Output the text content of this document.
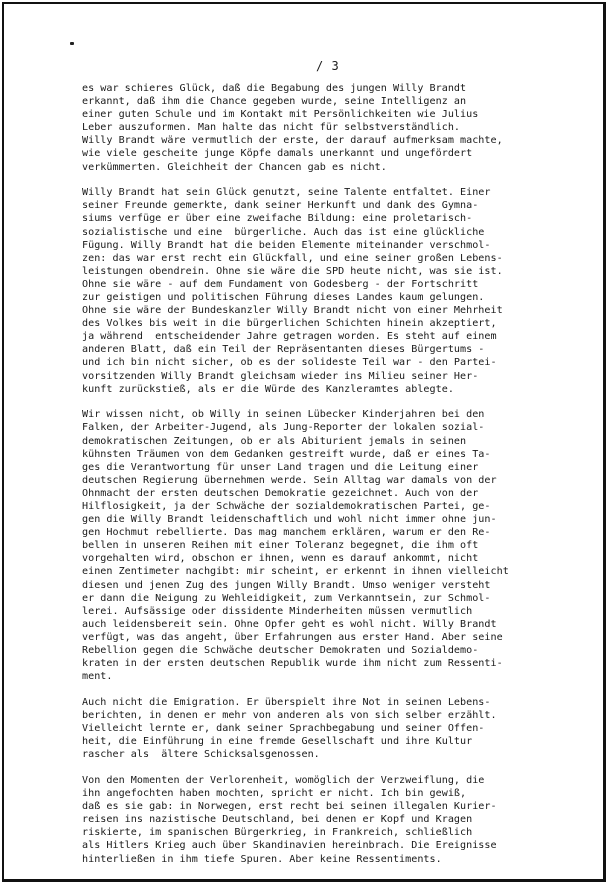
/ 3

es war schieres Glück, daß die Begabung des jungen Willy Brandt
erkannt, daß ihm die Chance gegeben wurde, seine Intelligenz an
einer guten Schule und im Kontakt mit Persönlichkeiten wie Julius
Leber auszuformen. Man halte das nicht für selbstverständlich.
Willy Brandt wäre vermutlich der erste, der darauf aufmerksam machte,
wie viele gescheite junge Köpfe damals unerkannt und ungefördert
verkümmerten. Gleichheit der Chancen gab es nicht.

Willy Brandt hat sein Glück genutzt, seine Talente entfaltet. Einer
seiner Freunde gemerkte, dank seiner Herkunft und dank des Gymna-
siums verfüge er über eine zweifache Bildung: eine proletarisch-
sozialistische und eine  bürgerliche. Auch das ist eine glückliche
Fügung. Willy Brandt hat die beiden Elemente miteinander verschmol-
zen: das war erst recht ein Glückfall, und eine seiner großen Lebens-
leistungen obendrein. Ohne sie wäre die SPD heute nicht, was sie ist.
Ohne sie wäre - auf dem Fundament von Godesberg - der Fortschritt
zur geistigen und politischen Führung dieses Landes kaum gelungen.
Ohne sie wäre der Bundeskanzler Willy Brandt nicht von einer Mehrheit
des Volkes bis weit in die bürgerlichen Schichten hinein akzeptiert,
ja während  entscheidender Jahre getragen worden. Es steht auf einem
anderen Blatt, daß ein Teil der Repräsentanten dieses Bürgertums -
und ich bin nicht sicher, ob es der solideste Teil war - den Partei-
vorsitzenden Willy Brandt gleichsam wieder ins Milieu seiner Her-
kunft zurückstieß, als er die Würde des Kanzleramtes ablegte.

Wir wissen nicht, ob Willy in seinen Lübecker Kinderjahren bei den
Falken, der Arbeiter-Jugend, als Jung-Reporter der lokalen sozial-
demokratischen Zeitungen, ob er als Abiturient jemals in seinen
kühnsten Träumen von dem Gedanken gestreift wurde, daß er eines Ta-
ges die Verantwortung für unser Land tragen und die Leitung einer
deutschen Regierung übernehmen werde. Sein Alltag war damals von der
Ohnmacht der ersten deutschen Demokratie gezeichnet. Auch von der
Hilflosigkeit, ja der Schwäche der sozialdemokratischen Partei, ge-
gen die Willy Brandt leidenschaftlich und wohl nicht immer ohne jun-
gen Hochmut rebellierte. Das mag manchem erklären, warum er den Re-
bellen in unseren Reihen mit einer Toleranz begegnet, die ihm oft
vorgehalten wird, obschon er ihnen, wenn es darauf ankommt, nicht
einen Zentimeter nachgibt: mir scheint, er erkennt in ihnen vielleicht
diesen und jenen Zug des jungen Willy Brandt. Umso weniger versteht
er dann die Neigung zu Wehleidigkeit, zum Verkanntsein, zur Schmol-
lerei. Aufsässige oder dissidente Minderheiten müssen vermutlich
auch leidensbereit sein. Ohne Opfer geht es wohl nicht. Willy Brandt
verfügt, was das angeht, über Erfahrungen aus erster Hand. Aber seine
Rebellion gegen die Schwäche deutscher Demokraten und Sozialdemo-
kraten in der ersten deutschen Republik wurde ihm nicht zum Ressenti-
ment.

Auch nicht die Emigration. Er überspielt ihre Not in seinen Lebens-
berichten, in denen er mehr von anderen als von sich selber erzählt.
Vielleicht lernte er, dank seiner Sprachbegabung und seiner Offen-
heit, die Einführung in eine fremde Gesellschaft und ihre Kultur
rascher als  ältere Schicksalsgenossen.

Von den Momenten der Verlorenheit, womöglich der Verzweiflung, die
ihn angefochten haben mochten, spricht er nicht. Ich bin gewiß,
daß es sie gab: in Norwegen, erst recht bei seinen illegalen Kurier-
reisen ins nazistische Deutschland, bei denen er Kopf und Kragen
riskierte, im spanischen Bürgerkrieg, in Frankreich, schließlich
als Hitlers Krieg auch über Skandinavien hereinbrach. Die Ereignisse
hinterließen in ihm tiefe Spuren. Aber keine Ressentiments.
